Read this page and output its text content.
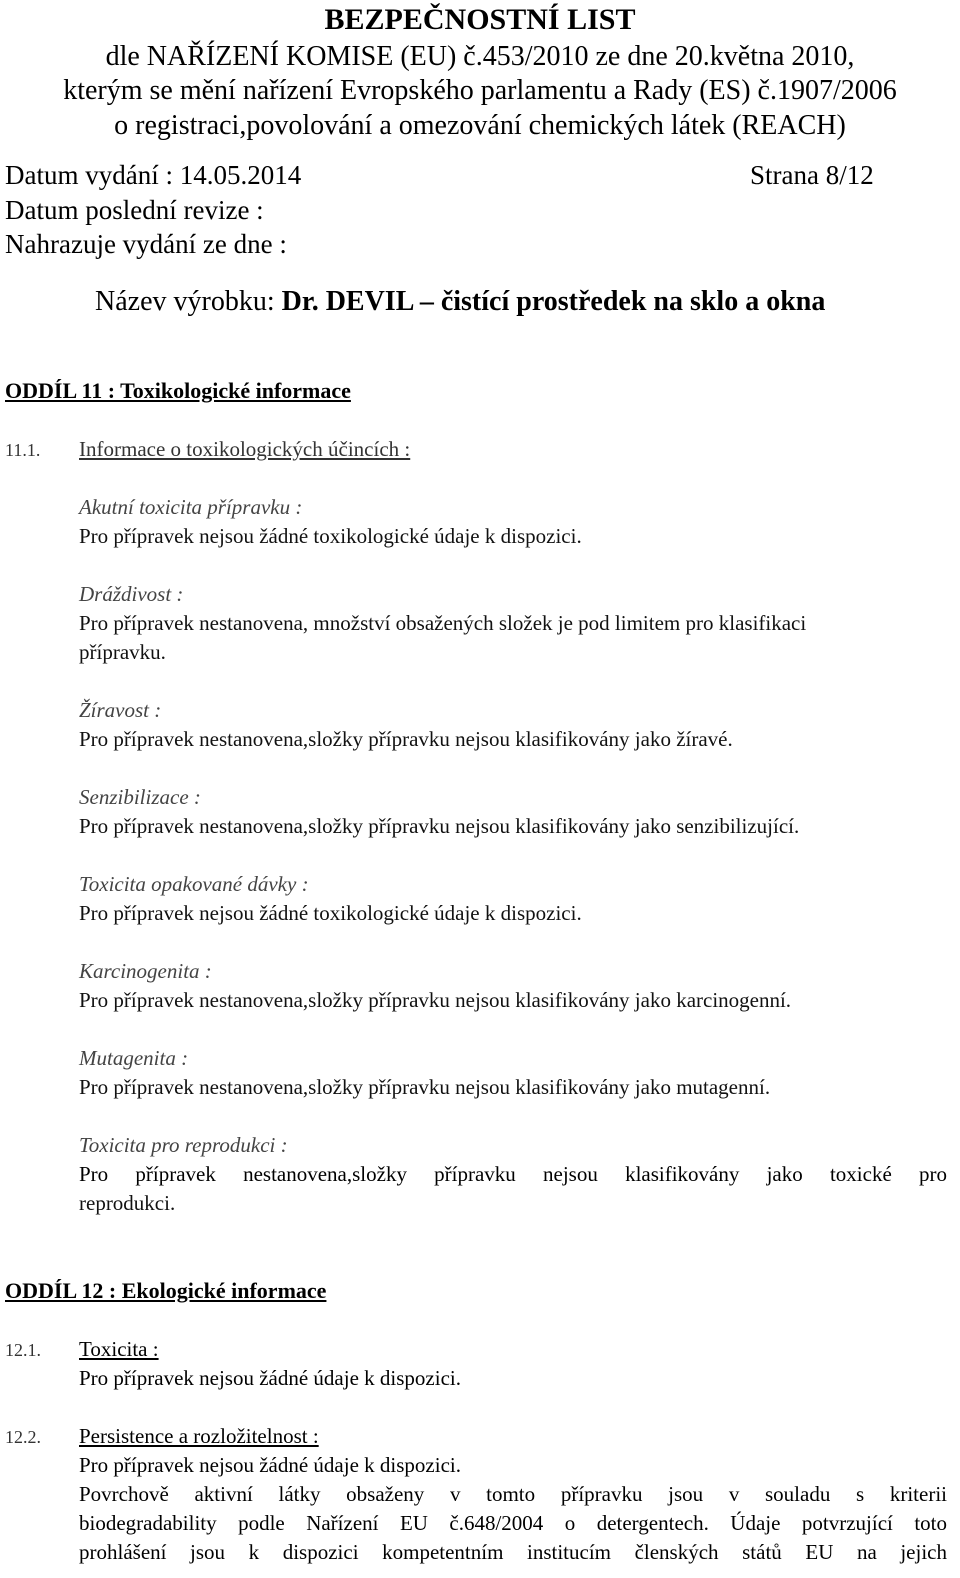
BEZPEČNOSTNÍ LIST
dle NAŘÍZENÍ KOMISE (EU) č.453/2010 ze dne 20.května 2010,
kterým se mění nařízení Evropského parlamentu a Rady (ES) č.1907/2006
o registraci,povolování a omezování chemických látek (REACH)
Datum vydání : 14.05.2014	Strana 8/12
Datum poslední revize :
Nahrazuje vydání ze dne :
Název výrobku: Dr. DEVIL – čistící prostředek na sklo a okna
ODDÍL 11 : Toxikologické informace
11.1. Informace o toxikologických účincích :
Akutní toxicita přípravku :
Pro přípravek nejsou žádné toxikologické údaje k dispozici.
Dráždivost :
Pro přípravek nestanovena, množství obsažených složek je pod limitem pro klasifikaci
přípravku.
Žíravost :
Pro přípravek nestanovena,složky přípravku nejsou klasifikovány jako žíravé.
Senzibilizace :
Pro přípravek nestanovena,složky přípravku nejsou klasifikovány jako senzibilizující.
Toxicita opakované dávky :
Pro přípravek nejsou žádné toxikologické údaje k dispozici.
Karcinogenita :
Pro přípravek nestanovena,složky přípravku nejsou klasifikovány jako karcinogenní.
Mutagenita :
Pro přípravek nestanovena,složky přípravku nejsou klasifikovány jako mutagenní.
Toxicita pro reprodukci :
Pro přípravek nestanovena,složky přípravku nejsou klasifikovány jako toxické pro
reprodukci.
ODDÍL 12 : Ekologické informace
12.1. Toxicita :
Pro přípravek nejsou žádné údaje k dispozici.
12.2. Persistence a rozložitelnost :
Pro přípravek nejsou žádné údaje k dispozici.
Povrchově aktivní látky obsaženy v tomto přípravku jsou v souladu s kriterii
biodegradability podle Nařízení EU č.648/2004 o detergentech. Údaje potvrzující toto
prohlášení jsou k dispozici kompetentním institucím členských států EU na jejich
